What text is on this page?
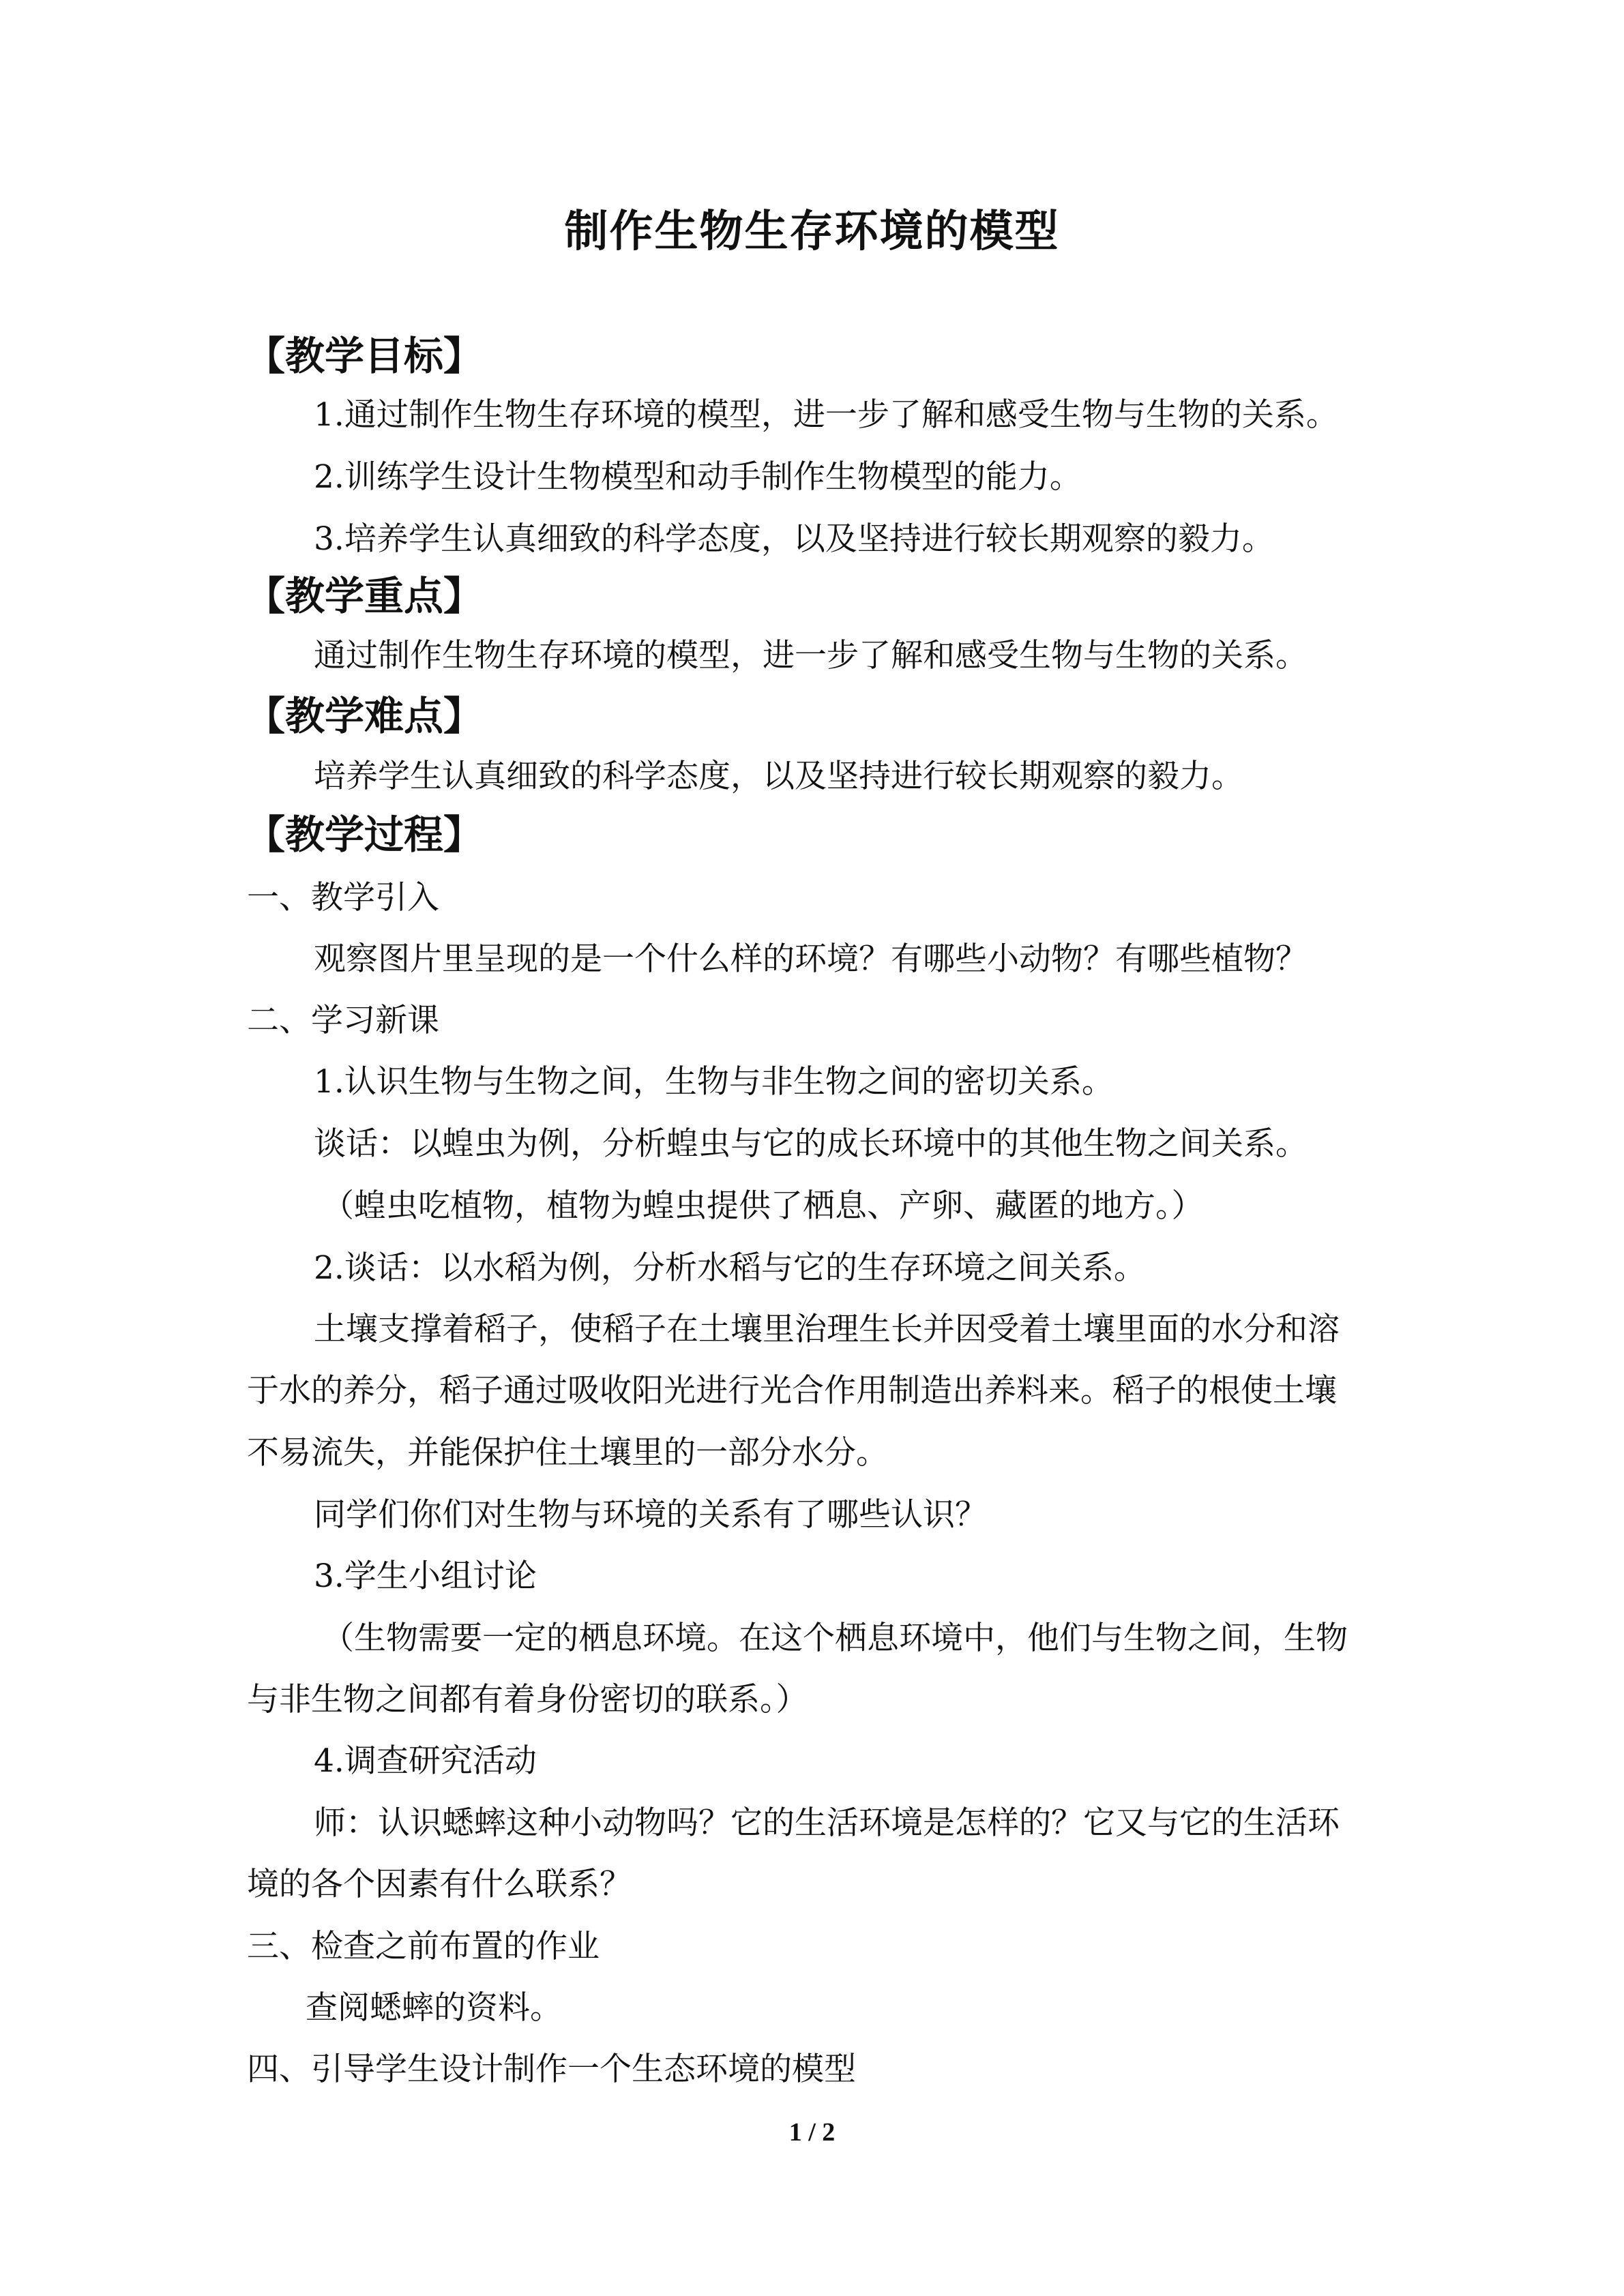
制作生物生存环境的模型
【教学目标】
1.通过制作生物生存环境的模型，进一步了解和感受生物与生物的关系。
2.训练学生设计生物模型和动手制作生物模型的能力。
3.培养学生认真细致的科学态度，以及坚持进行较长期观察的毅力。
【教学重点】
通过制作生物生存环境的模型，进一步了解和感受生物与生物的关系。
【教学难点】
培养学生认真细致的科学态度，以及坚持进行较长期观察的毅力。
【教学过程】
一、教学引入
观察图片里呈现的是一个什么样的环境？有哪些小动物？有哪些植物？
二、学习新课
1.认识生物与生物之间，生物与非生物之间的密切关系。
谈话：以蝗虫为例，分析蝗虫与它的成长环境中的其他生物之间关系。
（蝗虫吃植物，植物为蝗虫提供了栖息、产卵、藏匿的地方。）
2.谈话：以水稻为例，分析水稻与它的生存环境之间关系。
土壤支撑着稻子，使稻子在土壤里治理生长并因受着土壤里面的水分和溶
于水的养分，稻子通过吸收阳光进行光合作用制造出养料来。稻子的根使土壤
不易流失，并能保护住土壤里的一部分水分。
同学们你们对生物与环境的关系有了哪些认识？
3.学生小组讨论
（生物需要一定的栖息环境。在这个栖息环境中，他们与生物之间，生物
与非生物之间都有着身份密切的联系。）
4.调查研究活动
师：认识蟋蟀这种小动物吗？它的生活环境是怎样的？它又与它的生活环
境的各个因素有什么联系？
三、检查之前布置的作业
查阅蟋蟀的资料。
四、引导学生设计制作一个生态环境的模型
1 / 2
